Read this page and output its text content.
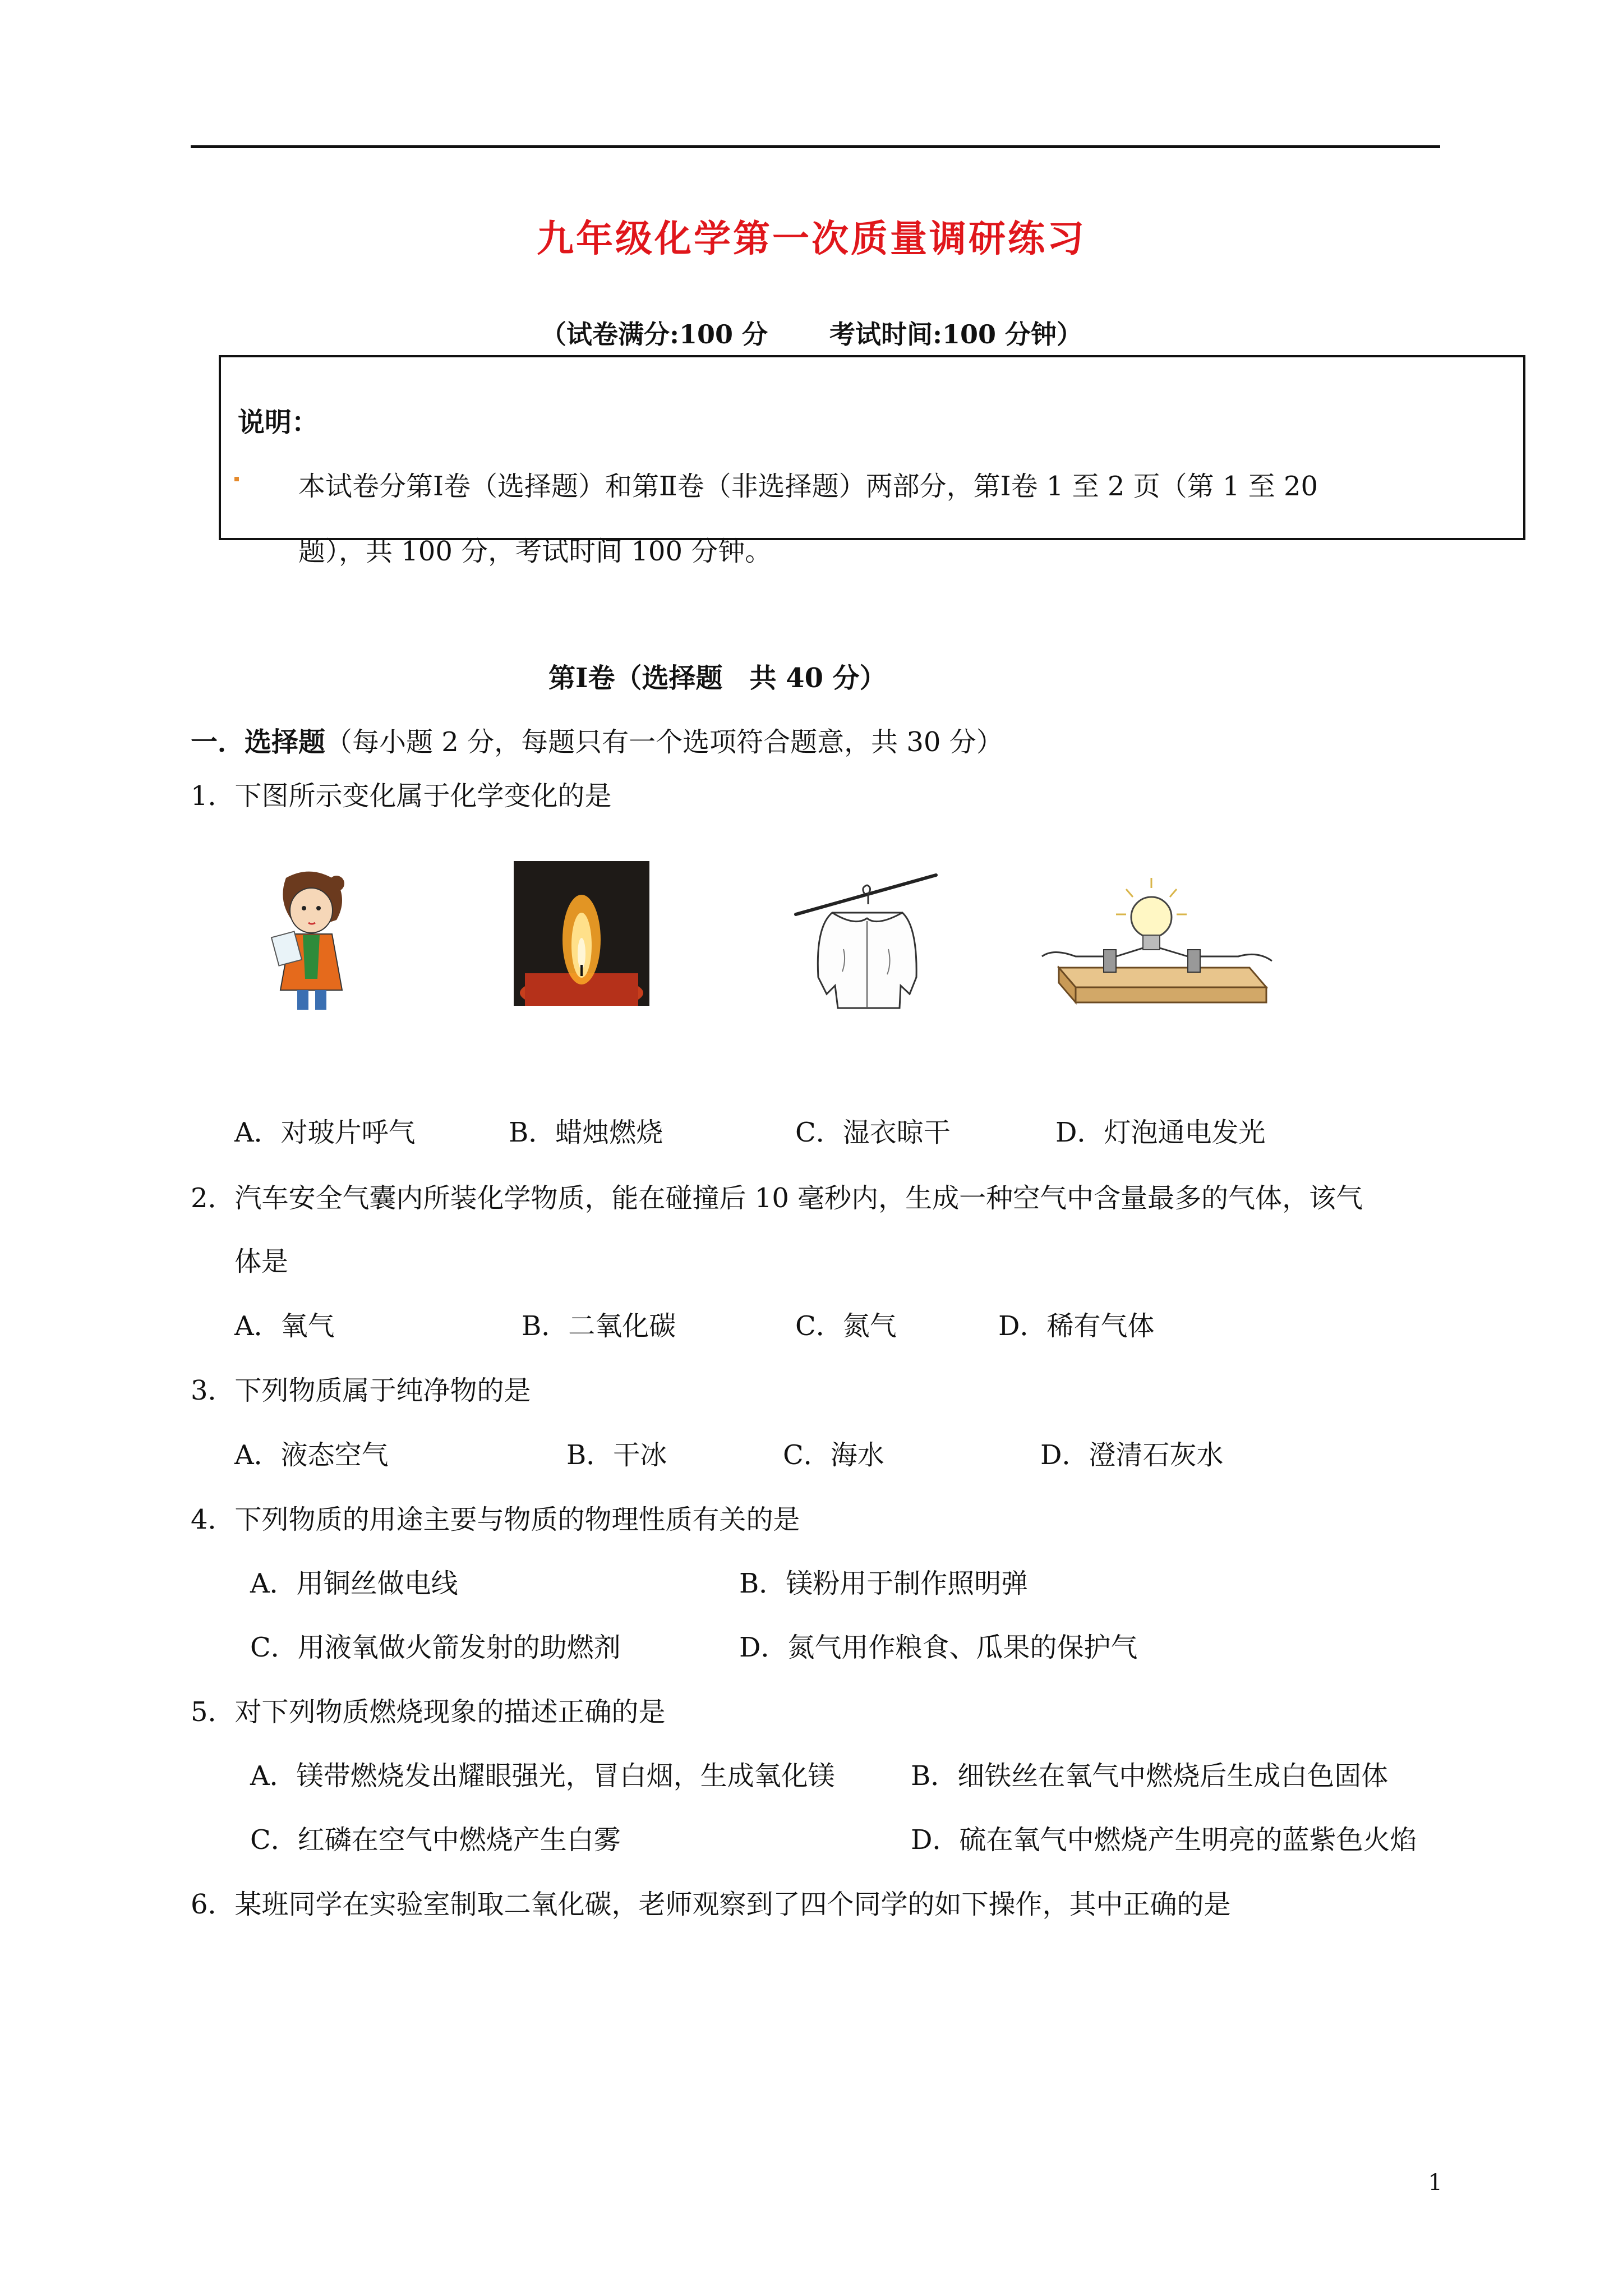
九年级化学第一次质量调研练习
（试卷满分:100 分 考试时间:100 分钟）
说明：
本试卷分第Ⅰ卷（选择题）和第Ⅱ卷（非选择题）两部分，第Ⅰ卷 1 至 2 页（第 1 至 20
题），共 100 分，考试时间 100 分钟。
第Ⅰ卷（选择题　共 40 分）
一．选择题（每小题 2 分，每题只有一个选项符合题意，共 30 分）
1．下图所示变化属于化学变化的是
A．对玻片呼气	B．蜡烛燃烧	C．湿衣晾干	D．灯泡通电发光
2．汽车安全气囊内所装化学物质，能在碰撞后 10 毫秒内，生成一种空气中含量最多的气体，该气
体是
A．氧气	B．二氧化碳	C．氮气	D．稀有气体
3．下列物质属于纯净物的是
A．液态空气	B．干冰	C．海水	D．澄清石灰水
4．下列物质的用途主要与物质的物理性质有关的是
A．用铜丝做电线	B．镁粉用于制作照明弹
C．用液氧做火箭发射的助燃剂	D．氮气用作粮食、瓜果的保护气
5．对下列物质燃烧现象的描述正确的是
A．镁带燃烧发出耀眼强光，冒白烟，生成氧化镁	B．细铁丝在氧气中燃烧后生成白色固体
C．红磷在空气中燃烧产生白雾	D．硫在氧气中燃烧产生明亮的蓝紫色火焰
6．某班同学在实验室制取二氧化碳，老师观察到了四个同学的如下操作，其中正确的是
1
